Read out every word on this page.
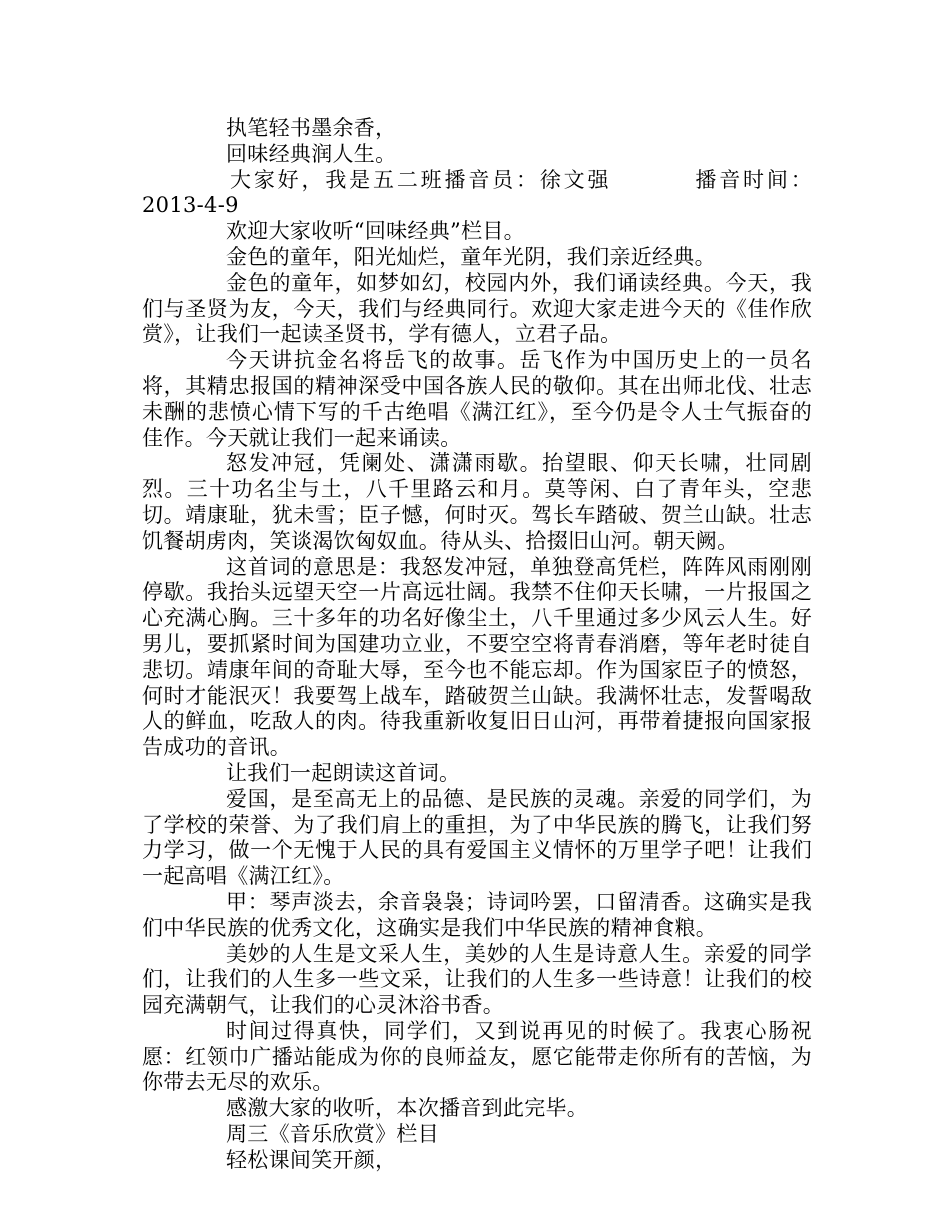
执笔轻书墨余香，

回味经典润人生。

大家好，我是五二班播音员：徐文强	播音时间：2013-4-9

欢迎大家收听“回味经典”栏目。

金色的童年，阳光灿烂，童年光阴，我们亲近经典。

金色的童年，如梦如幻，校园内外，我们诵读经典。今天，我们与圣贤为友，今天，我们与经典同行。欢迎大家走进今天的《佳作欣赏》，让我们一起读圣贤书，学有德人，立君子品。

今天讲抗金名将岳飞的故事。岳飞作为中国历史上的一员名将，其精忠报国的精神深受中国各族人民的敬仰。其在出师北伐、壮志未酬的悲愤心情下写的千古绝唱《满江红》，至今仍是令人士气振奋的佳作。今天就让我们一起来诵读。

怒发冲冠，凭阑处、潇潇雨歇。抬望眼、仰天长啸，壮同剧烈。三十功名尘与土，八千里路云和月。莫等闲、白了青年头，空悲切。靖康耻，犹未雪；臣子憾，何时灭。驾长车踏破、贺兰山缺。壮志饥餐胡虏肉，笑谈渴饮匈奴血。待从头、拾掇旧山河。朝天阙。

这首词的意思是：我怒发冲冠，单独登高凭栏，阵阵风雨刚刚停歇。我抬头远望天空一片高远壮阔。我禁不住仰天长啸，一片报国之心充满心胸。三十多年的功名好像尘土，八千里通过多少风云人生。好男儿，要抓紧时间为国建功立业，不要空空将青春消磨，等年老时徒自悲切。靖康年间的奇耻大辱，至今也不能忘却。作为国家臣子的愤怒，何时才能泯灭！我要驾上战车，踏破贺兰山缺。我满怀壮志，发誓喝敌人的鲜血，吃敌人的肉。待我重新收复旧日山河，再带着捷报向国家报告成功的音讯。

让我们一起朗读这首词。

爱国，是至高无上的品德、是民族的灵魂。亲爱的同学们，为了学校的荣誉、为了我们肩上的重担，为了中华民族的腾飞，让我们努力学习，做一个无愧于人民的具有爱国主义情怀的万里学子吧！让我们一起高唱《满江红》。

甲：琴声淡去，余音袅袅；诗词吟罢，口留清香。这确实是我们中华民族的优秀文化，这确实是我们中华民族的精神食粮。

美妙的人生是文采人生，美妙的人生是诗意人生。亲爱的同学们，让我们的人生多一些文采，让我们的人生多一些诗意！让我们的校园充满朝气，让我们的心灵沐浴书香。

时间过得真快，同学们，又到说再见的时候了。我衷心肠祝愿：红领巾广播站能成为你的良师益友，愿它能带走你所有的苦恼，为你带去无尽的欢乐。

感激大家的收听，本次播音到此完毕。

周三《音乐欣赏》栏目

轻松课间笑开颜，
